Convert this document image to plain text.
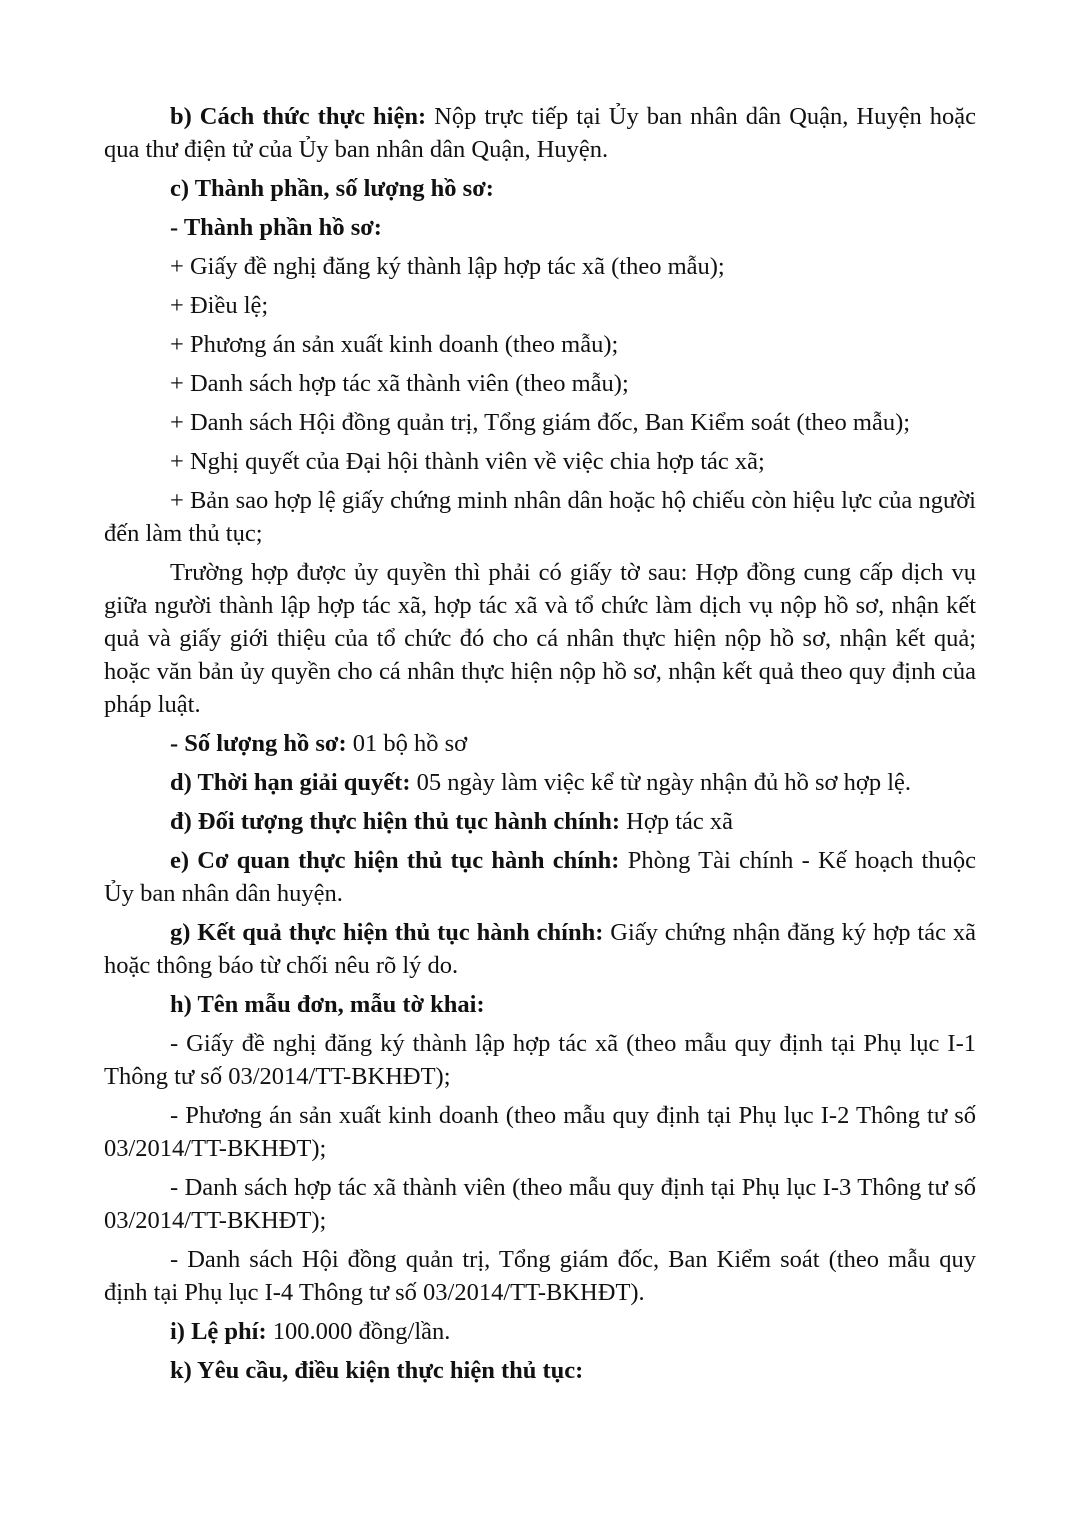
b) Cách thức thực hiện: Nộp trực tiếp tại Ủy ban nhân dân Quận, Huyện hoặc qua thư điện tử của Ủy ban nhân dân Quận, Huyện.

c) Thành phần, số lượng hồ sơ:

- Thành phần hồ sơ:

+ Giấy đề nghị đăng ký thành lập hợp tác xã (theo mẫu);

+ Điều lệ;

+ Phương án sản xuất kinh doanh (theo mẫu);

+ Danh sách hợp tác xã thành viên (theo mẫu);

+ Danh sách Hội đồng quản trị, Tổng giám đốc, Ban Kiểm soát (theo mẫu);

+ Nghị quyết của Đại hội thành viên về việc chia hợp tác xã;

+ Bản sao hợp lệ giấy chứng minh nhân dân hoặc hộ chiếu còn hiệu lực của người đến làm thủ tục;

Trường hợp được ủy quyền thì phải có giấy tờ sau: Hợp đồng cung cấp dịch vụ giữa người thành lập hợp tác xã, hợp tác xã và tổ chức làm dịch vụ nộp hồ sơ, nhận kết quả và giấy giới thiệu của tổ chức đó cho cá nhân thực hiện nộp hồ sơ, nhận kết quả; hoặc văn bản ủy quyền cho cá nhân thực hiện nộp hồ sơ, nhận kết quả theo quy định của pháp luật.

- Số lượng hồ sơ: 01 bộ hồ sơ

d) Thời hạn giải quyết: 05 ngày làm việc kể từ ngày nhận đủ hồ sơ hợp lệ.

đ) Đối tượng thực hiện thủ tục hành chính: Hợp tác xã

e) Cơ quan thực hiện thủ tục hành chính: Phòng Tài chính - Kế hoạch thuộc Ủy ban nhân dân huyện.

g) Kết quả thực hiện thủ tục hành chính: Giấy chứng nhận đăng ký hợp tác xã hoặc thông báo từ chối nêu rõ lý do.

h) Tên mẫu đơn, mẫu tờ khai:

- Giấy đề nghị đăng ký thành lập hợp tác xã (theo mẫu quy định tại Phụ lục I-1 Thông tư số 03/2014/TT-BKHĐT);

- Phương án sản xuất kinh doanh (theo mẫu quy định tại Phụ lục I-2 Thông tư số 03/2014/TT-BKHĐT);

- Danh sách hợp tác xã thành viên (theo mẫu quy định tại Phụ lục I-3 Thông tư số 03/2014/TT-BKHĐT);

- Danh sách Hội đồng quản trị, Tổng giám đốc, Ban Kiểm soát (theo mẫu quy định tại Phụ lục I-4 Thông tư số 03/2014/TT-BKHĐT).

i) Lệ phí: 100.000 đồng/lần.

k) Yêu cầu, điều kiện thực hiện thủ tục:
